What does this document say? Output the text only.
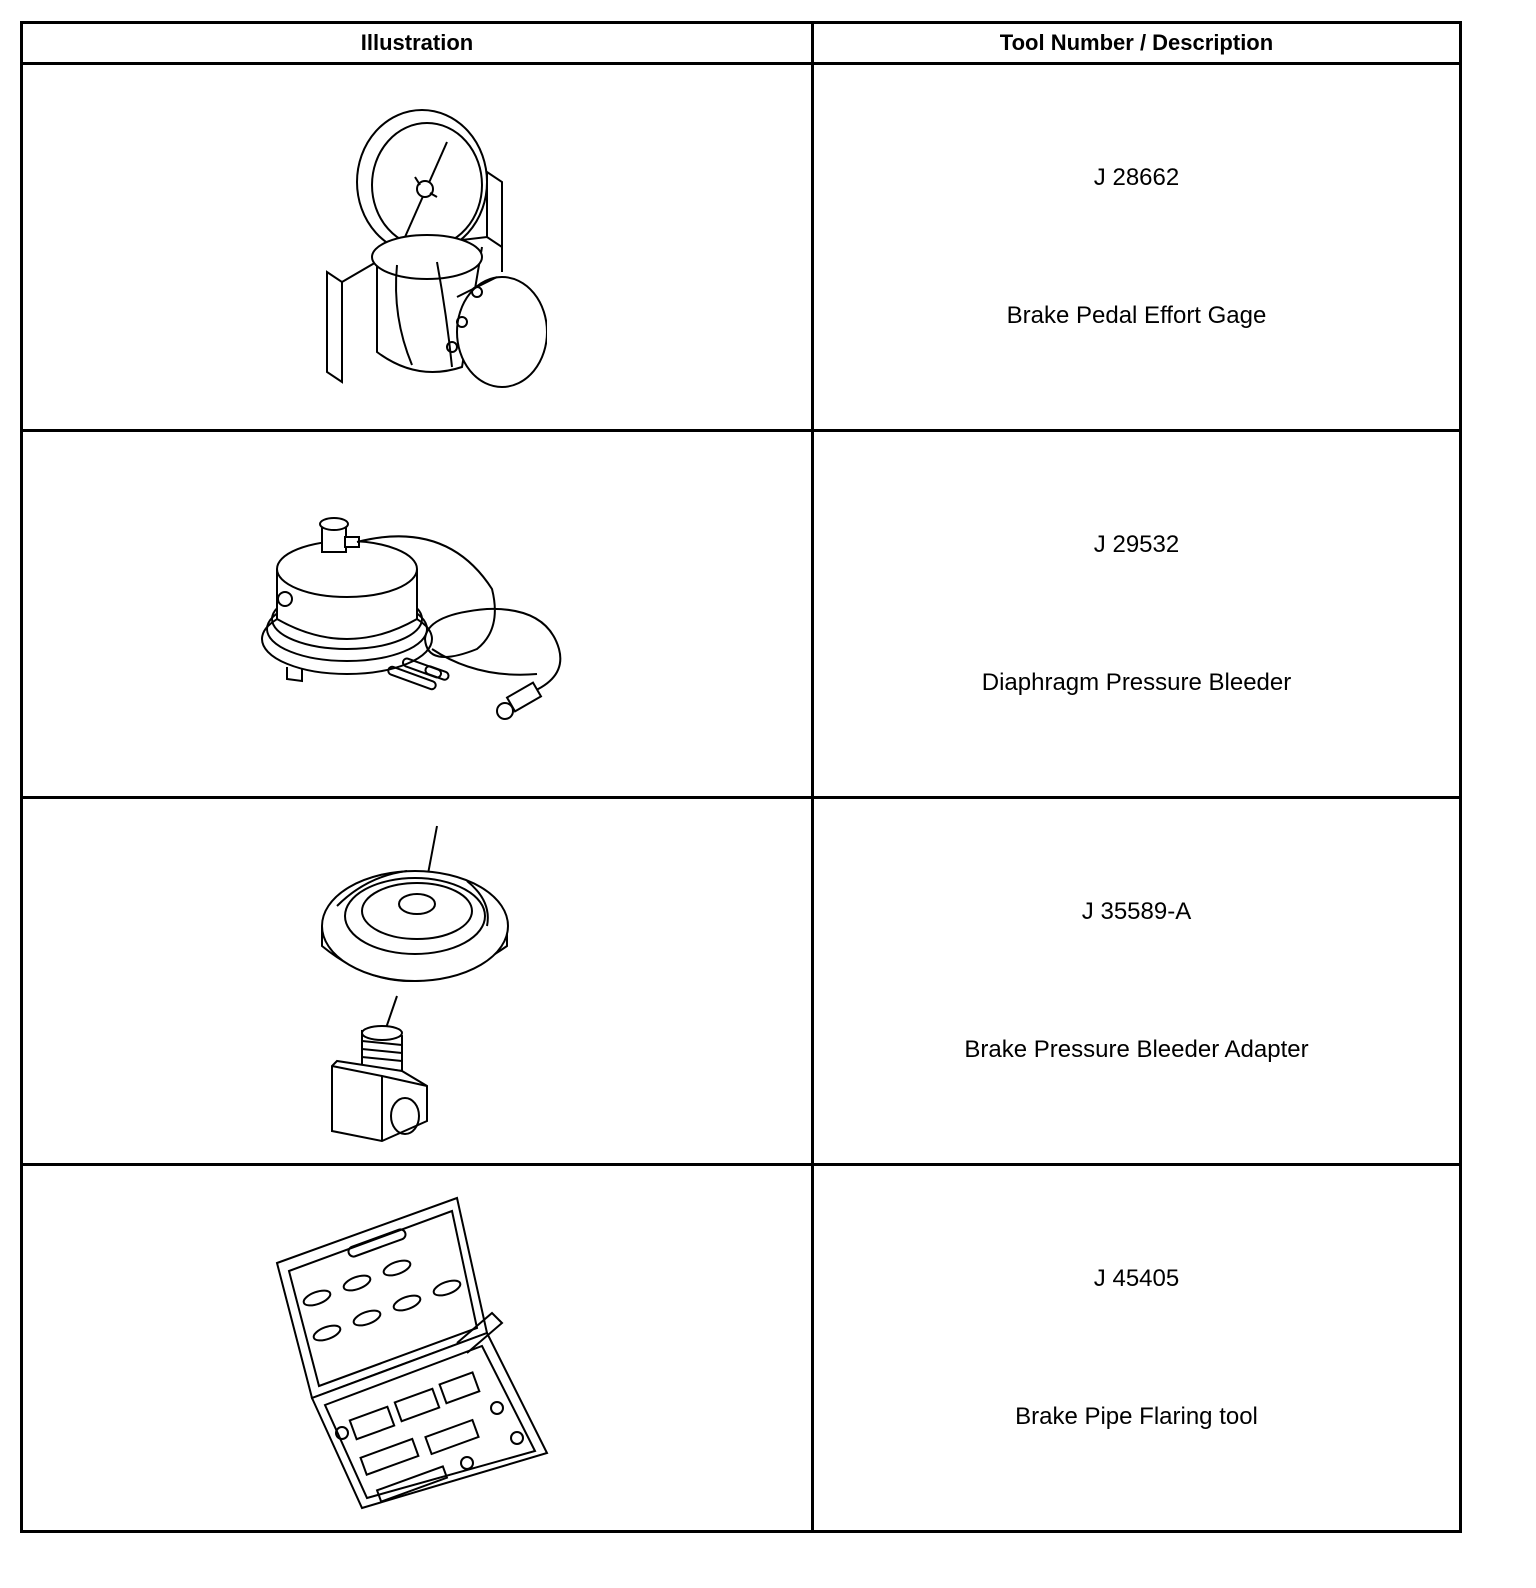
Illustration	Tool Number / Description

J 28662
Brake Pedal Effort Gage

J 29532
Diaphragm Pressure Bleeder

J 35589-A
Brake Pressure Bleeder Adapter

J 45405
Brake Pipe Flaring tool
